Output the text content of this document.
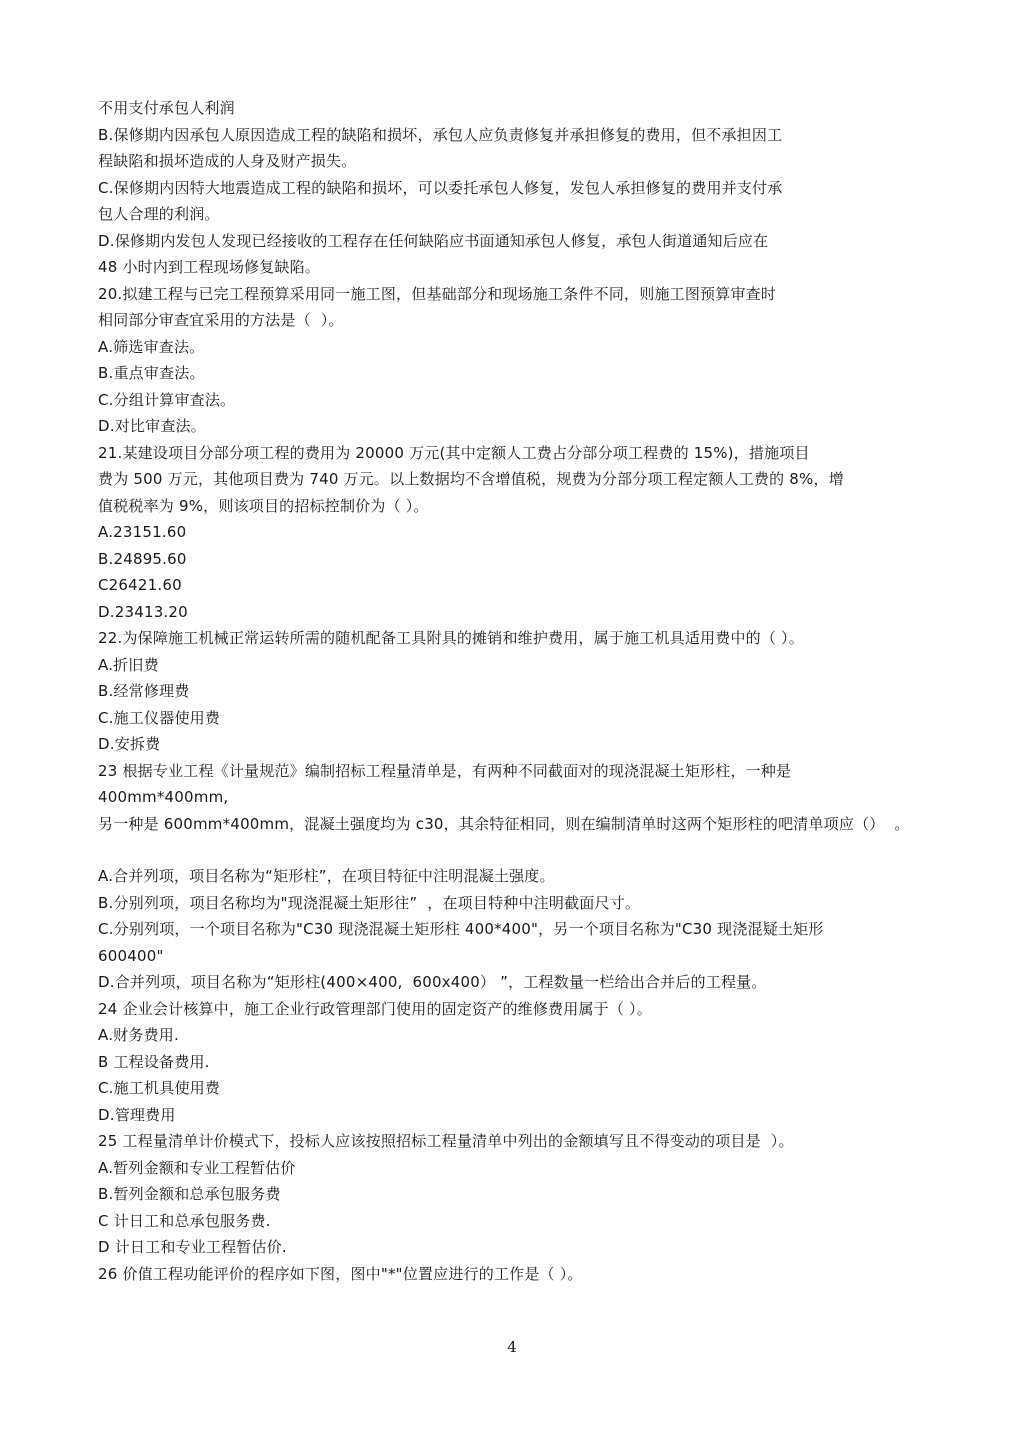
不用支付承包人利润
B.保修期内因承包人原因造成工程的缺陷和损坏，承包人应负责修复并承担修复的费用，但不承担因工
程缺陷和损坏造成的人身及财产损失。
C.保修期内因特大地震造成工程的缺陷和损坏，可以委托承包人修复，发包人承担修复的费用并支付承
包人合理的利润。
D.保修期内发包人发现已经接收的工程存在任何缺陷应书面通知承包人修复，承包人街道通知后应在
48 小时内到工程现场修复缺陷。
20.拟建工程与已完工程预算采用同一施工图，但基础部分和现场施工条件不同，则施工图预算审查时
相同部分审查宜采用的方法是（  ）。
A.筛选审查法。
B.重点审查法。
C.分组计算审查法。
D.对比审查法。
21.某建设项目分部分项工程的费用为 20000 万元(其中定额人工费占分部分项工程费的 15%)，措施项目
费为 500 万元，其他项目费为 740 万元。以上数据均不含增值税，规费为分部分项工程定额人工费的 8%，增
值税税率为 9%，则该项目的招标控制价为（ ）。
A.23151.60
B.24895.60
C26421.60
D.23413.20
22.为保障施工机械正常运转所需的随机配备工具附具的摊销和维护费用，属于施工机具适用费中的（ ）。
A.折旧费
B.经常修理费
C.施工仪器使用费
D.安拆费
23 根据专业工程《计量规范》编制招标工程量清单是，有两种不同截面对的现浇混凝土矩形柱，一种是
400mm*400mm,
另一种是 600mm*400mm，混凝土强度均为 c30，其余特征相同，则在编制清单时这两个矩形柱的吧清单项应（）  。
A.合并列项，项目名称为“矩形柱”，在项目特征中注明混凝土强度。
B.分别列项，项目名称均为"现浇混凝土矩形往”  ，在项目特种中注明截面尺寸。
C.分别列项，一个项目名称为"C30 现浇混凝土矩形柱 400*400"，另一个项目名称为"C30 现浇混疑土矩形
600400"
D.合并列项，项目名称为“矩形柱(400×400,  600x400） ”，工程数量一栏给出合并后的工程量。
24 企业会计核算中，施工企业行政管理部门使用的固定资产的维修费用属于（ ）。
A.财务费用.
B 工程设备费用.
C.施工机具使用费
D.管理费用
25 工程量清单计价模式下，投标人应该按照招标工程量清单中列出的金额填写且不得变动的项目是  ）。
A.暂列金额和专业工程暂估价
B.暂列金额和总承包服务费
C 计日工和总承包服务费.
D 计日工和专业工程暂估价.
26 价值工程功能评价的程序如下图，图中"*"位置应进行的工作是（ ）。
4
